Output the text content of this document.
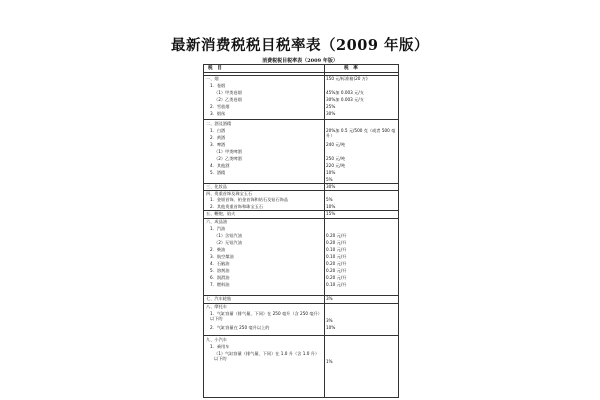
最新消费税税目税率表（2009 年版）
消费税税目税率表（2009 年版）
税　目	税　率
一、烟
1．卷烟
（1）甲类卷烟
（2）乙类卷烟
2．雪茄烟
3．烟丝
二、酒及酒精
1．白酒
2．黄酒
3．啤酒
（1）甲类啤酒
（2）乙类啤酒
4．其他酒
5．酒精
三、化妆品
四、贵重首饰及珠宝玉石
1．金银首饰、铂金首饰和钻石及钻石饰品
2．其他贵重首饰和珠宝玉石
五、鞭炮、焰火
六、成品油
1．汽油
（1）含铅汽油
（2）无铅汽油
2．柴油
3．航空煤油
4．石脑油
5．溶剂油
6．润滑油
7．燃料油
七、汽车轮胎
八、摩托车
1．气缸容量（排气量，下同）在 250 毫升（含 250 毫升）以下的
2．气缸容量在 250 毫升以上的
九、小汽车
1．乘用车
（1）气缸容量（排气量，下同）在 1.0 升（含 1.0 升）以下的
150 元/标准箱(20 万)
45%加 0.003 元/支
30%加 0.003 元/支
25%
30%
20%加 0.5 元/500 克（或者 500 毫升）
240 元/吨
250 元/吨
220 元/吨
10%
5%
30%
5%
10%
15%
0.20 元/升
0.20 元/升
0.10 元/升
0.10 元/升
0.20 元/升
0.20 元/升
0.20 元/升
0.10 元/升
3%
3%
10%
1%
